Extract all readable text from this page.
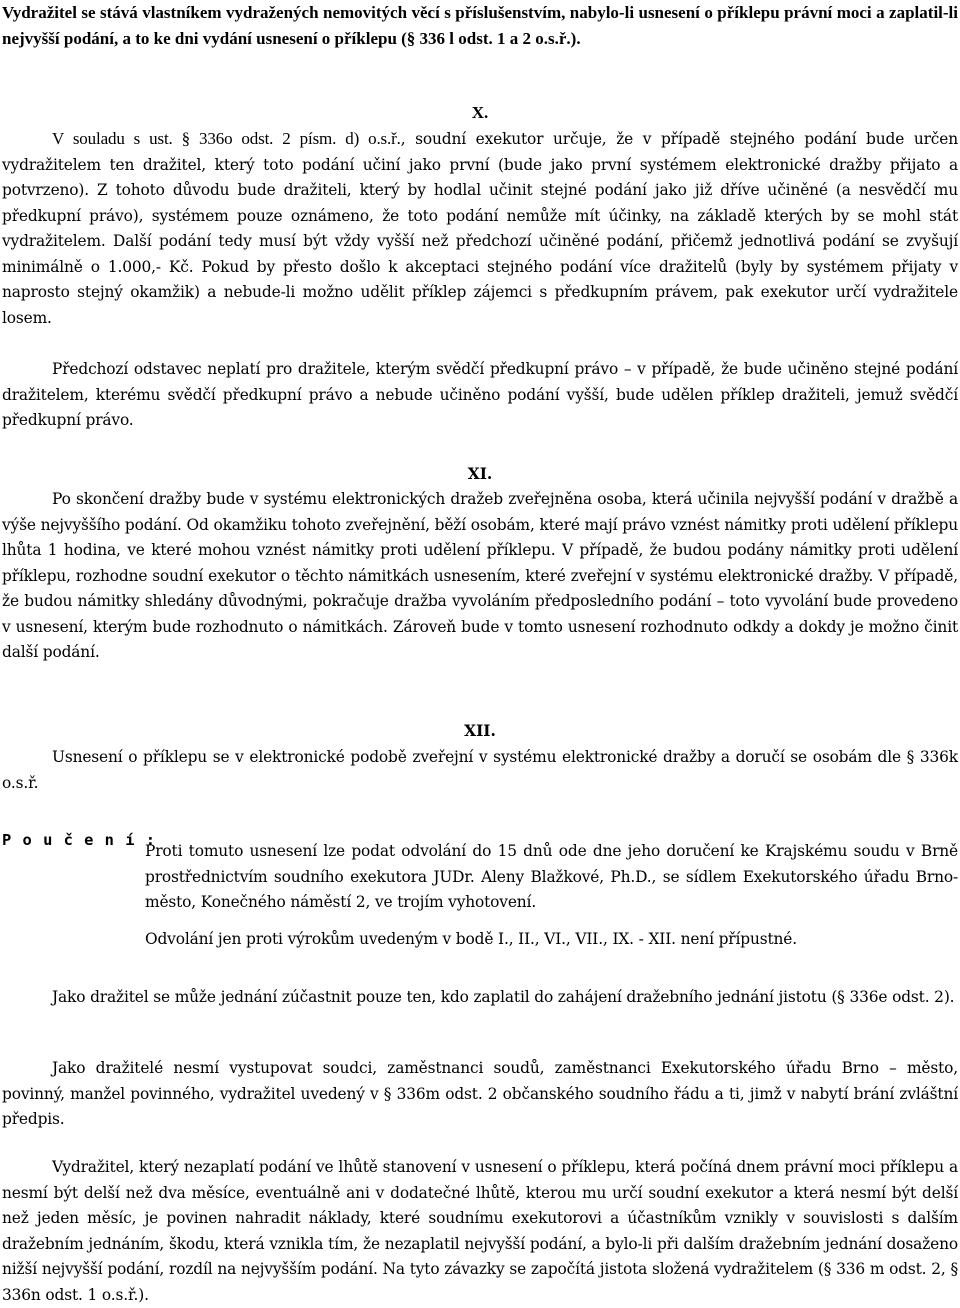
Vydražitel se stává vlastníkem vydražených nemovitých věcí s příslušenstvím, nabylo-li usnesení o příklepu právní moci a zaplatil-li nejvyšší podání, a to ke dni vydání usnesení o příklepu (§ 336 l odst. 1 a 2 o.s.ř.).

X.

V souladu s ust. § 336o odst. 2 písm. d) o.s.ř., soudní exekutor určuje, že v případě stejného podání bude určen vydražitelem ten dražitel, který toto podání učiní jako první (bude jako první systémem elektronické dražby přijato a potvrzeno). Z tohoto důvodu bude dražiteli, který by hodlal učinit stejné podání jako již dříve učiněné (a nesvědčí mu předkupní právo), systémem pouze oznámeno, že toto podání nemůže mít účinky, na základě kterých by se mohl stát vydražitelem. Další podání tedy musí být vždy vyšší než předchozí učiněné podání, přičemž jednotlivá podání se zvyšují minimálně o 1.000,- Kč. Pokud by přesto došlo k akceptaci stejného podání více dražitelů (byly by systémem přijaty v naprosto stejný okamžik) a nebude-li možno udělit příklep zájemci s předkupním právem, pak exekutor určí vydražitele losem.

Předchozí odstavec neplatí pro dražitele, kterým svědčí předkupní právo – v případě, že bude učiněno stejné podání dražitelem, kterému svědčí předkupní právo a nebude učiněno podání vyšší, bude udělen příklep dražiteli, jemuž svědčí předkupní právo.

XI.

Po skončení dražby bude v systému elektronických dražeb zveřejněna osoba, která učinila nejvyšší podání v dražbě a výše nejvyššího podání. Od okamžiku tohoto zveřejnění, běží osobám, které mají právo vznést námitky proti udělení příklepu lhůta 1 hodina, ve které mohou vznést námitky proti udělení příklepu. V případě, že budou podány námitky proti udělení příklepu, rozhodne soudní exekutor o těchto námitkách usnesením, které zveřejní v systému elektronické dražby. V případě, že budou námitky shledány důvodnými, pokračuje dražba vyvoláním předposledního podání – toto vyvolání bude provedeno v usnesení, kterým bude rozhodnuto o námitkách. Zároveň bude v tomto usnesení rozhodnuto odkdy a dokdy je možno činit další podání.

XII.

Usnesení o příklepu se v elektronické podobě zveřejní v systému elektronické dražby a doručí se osobám dle § 336k o.s.ř.

P o u č e n í :

Proti tomuto usnesení lze podat odvolání do 15 dnů ode dne jeho doručení ke Krajskému soudu v Brně prostřednictvím soudního exekutora JUDr. Aleny Blažkové, Ph.D., se sídlem Exekutorského úřadu Brno-město, Konečného náměstí 2, ve trojím vyhotovení.

Odvolání jen proti výrokům uvedeným v bodě I., II., VI., VII., IX. - XII. není přípustné.

Jako dražitel se může jednání zúčastnit pouze ten, kdo zaplatil do zahájení dražebního jednání jistotu (§ 336e odst. 2).

Jako dražitelé nesmí vystupovat soudci, zaměstnanci soudů, zaměstnanci Exekutorského úřadu Brno – město, povinný, manžel povinného, vydražitel uvedený v § 336m odst. 2 občanského soudního řádu a ti, jimž v nabytí brání zvláštní předpis.

Vydražitel, který nezaplatí podání ve lhůtě stanovení v usnesení o příklepu, která počíná dnem právní moci příklepu a nesmí být delší než dva měsíce, eventuálně ani v dodatečné lhůtě, kterou mu určí soudní exekutor a která nesmí být delší než jeden měsíc, je povinen nahradit náklady, které soudnímu exekutorovi a účastníkům vznikly v souvislosti s dalším dražebním jednáním, škodu, která vznikla tím, že nezaplatil nejvyšší podání, a bylo-li při dalším dražebním jednání dosaženo nižší nejvyšší podání, rozdíl na nejvyšším podání. Na tyto závazky se započítá jistota složená vydražitelem (§ 336 m odst. 2, § 336n odst. 1 o.s.ř.).
